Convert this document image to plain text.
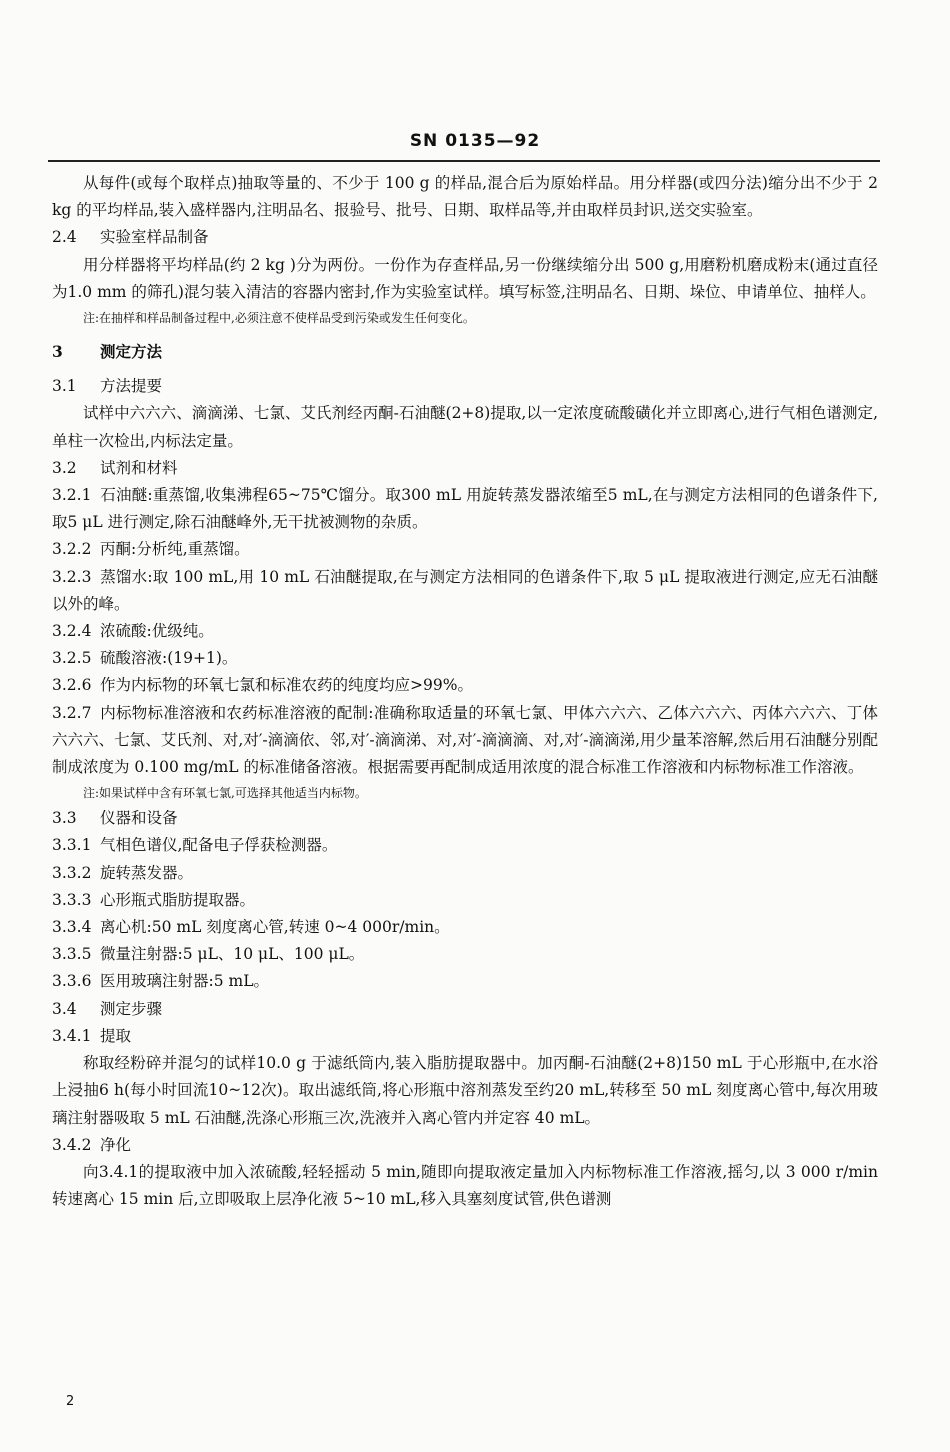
SN 0135—92

从每件(或每个取样点)抽取等量的、不少于 100 g 的样品,混合后为原始样品。用分样器(或四分法)缩分出不少于 2 kg 的平均样品,装入盛样器内,注明品名、报验号、批号、日期、取样品等,并由取样员封识,送交实验室。

2.4 实验室样品制备

用分样器将平均样品(约 2 kg )分为两份。一份作为存查样品,另一份继续缩分出 500 g,用磨粉机磨成粉末(通过直径为1.0 mm 的筛孔)混匀装入清洁的容器内密封,作为实验室试样。填写标签,注明品名、日期、垛位、申请单位、抽样人。

注:在抽样和样品制备过程中,必须注意不使样品受到污染或发生任何变化。

3 测定方法

3.1 方法提要

试样中六六六、滴滴涕、七氯、艾氏剂经丙酮-石油醚(2+8)提取,以一定浓度硫酸磺化并立即离心,进行气相色谱测定,单柱一次检出,内标法定量。

3.2 试剂和材料

3.2.1 石油醚:重蒸馏,收集沸程65~75℃馏分。取300 mL 用旋转蒸发器浓缩至5 mL,在与测定方法相同的色谱条件下,取5 μL 进行测定,除石油醚峰外,无干扰被测物的杂质。

3.2.2 丙酮:分析纯,重蒸馏。

3.2.3 蒸馏水:取 100 mL,用 10 mL 石油醚提取,在与测定方法相同的色谱条件下,取 5 μL 提取液进行测定,应无石油醚以外的峰。

3.2.4 浓硫酸:优级纯。

3.2.5 硫酸溶液:(19+1)。

3.2.6 作为内标物的环氧七氯和标准农药的纯度均应>99%。

3.2.7 内标物标准溶液和农药标准溶液的配制:准确称取适量的环氧七氯、甲体六六六、乙体六六六、丙体六六六、丁体六六六、七氯、艾氏剂、对,对′-滴滴依、邻,对′-滴滴涕、对,对′-滴滴滴、对,对′-滴滴涕,用少量苯溶解,然后用石油醚分别配制成浓度为 0.100 mg/mL 的标准储备溶液。根据需要再配制成适用浓度的混合标准工作溶液和内标物标准工作溶液。

注:如果试样中含有环氧七氯,可选择其他适当内标物。

3.3 仪器和设备

3.3.1 气相色谱仪,配备电子俘获检测器。

3.3.2 旋转蒸发器。

3.3.3 心形瓶式脂肪提取器。

3.3.4 离心机:50 mL 刻度离心管,转速 0~4 000r/min。

3.3.5 微量注射器:5 μL、10 μL、100 μL。

3.3.6 医用玻璃注射器:5 mL。

3.4 测定步骤

3.4.1 提取

称取经粉碎并混匀的试样10.0 g 于滤纸筒内,装入脂肪提取器中。加丙酮-石油醚(2+8)150 mL 于心形瓶中,在水浴上浸抽6 h(每小时回流10~12次)。取出滤纸筒,将心形瓶中溶剂蒸发至约20 mL,转移至 50 mL 刻度离心管中,每次用玻璃注射器吸取 5 mL 石油醚,洗涤心形瓶三次,洗液并入离心管内并定容 40 mL。

3.4.2 净化

向3.4.1的提取液中加入浓硫酸,轻轻摇动 5 min,随即向提取液定量加入内标物标准工作溶液,摇匀,以 3 000 r/min 转速离心 15 min 后,立即吸取上层净化液 5~10 mL,移入具塞刻度试管,供色谱测

2
